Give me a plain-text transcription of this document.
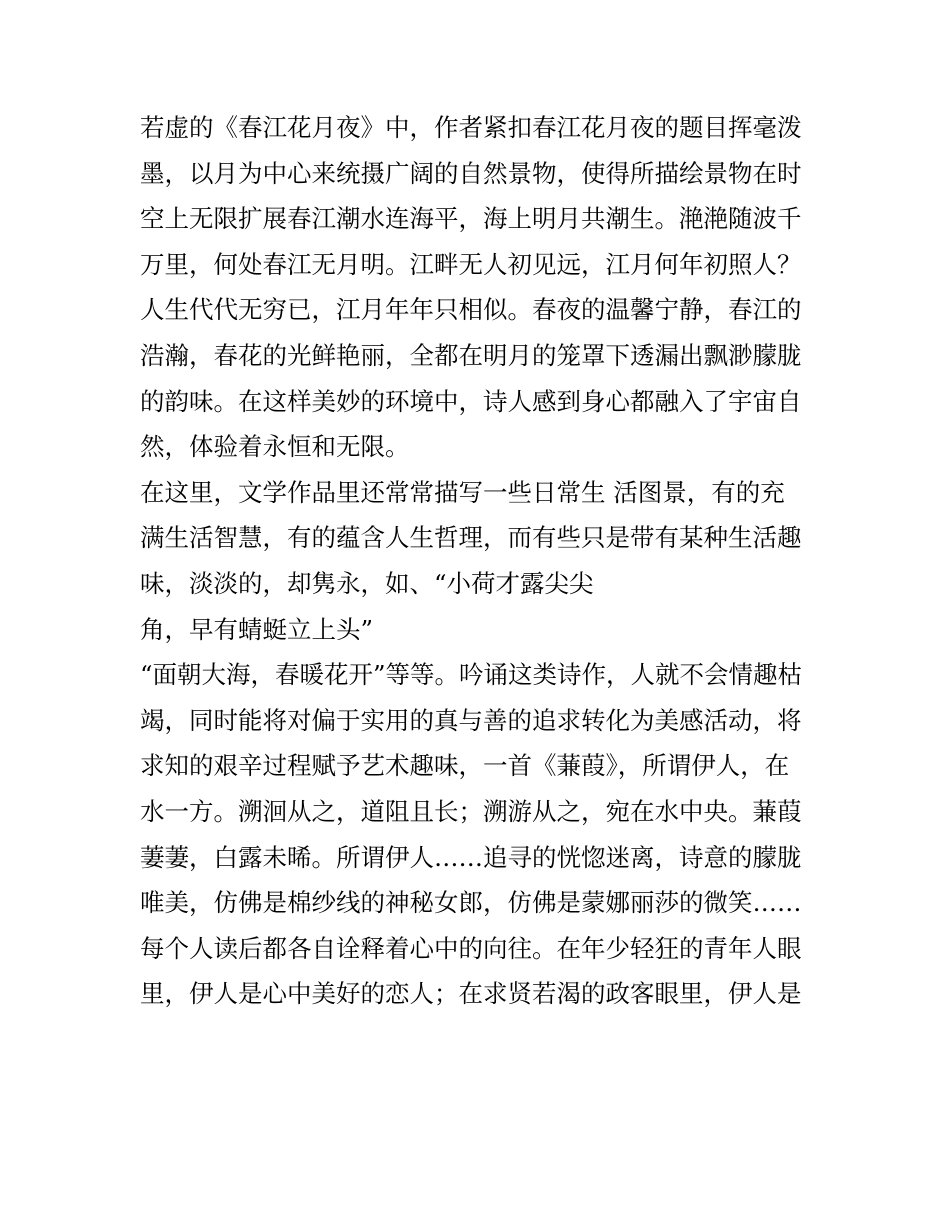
若虚的《春江花月夜》中，作者紧扣春江花月夜的题目挥毫泼
墨，以月为中心来统摄广阔的自然景物，使得所描绘景物在时
空上无限扩展春江潮水连海平，海上明月共潮生。滟滟随波千
万里，何处春江无月明。江畔无人初见远，江月何年初照人？
人生代代无穷已，江月年年只相似。春夜的温馨宁静，春江的
浩瀚，春花的光鲜艳丽，全都在明月的笼罩下透漏出飘渺朦胧
的韵味。在这样美妙的环境中，诗人感到身心都融入了宇宙自
然，体验着永恒和无限。
在这里，文学作品里还常常描写一些日常生 活图景，有的充
满生活智慧，有的蕴含人生哲理，而有些只是带有某种生活趣
味，淡淡的，却隽永，如、“小荷才露尖尖
角，早有蜻蜓立上头”
“面朝大海，春暖花开”等等。吟诵这类诗作，人就不会情趣枯
竭，同时能将对偏于实用的真与善的追求转化为美感活动，将
求知的艰辛过程赋予艺术趣味，一首《蒹葭》，所谓伊人，在
水一方。溯洄从之，道阻且长；溯游从之，宛在水中央。蒹葭
萋萋，白露未晞。所谓伊人……追寻的恍惚迷离，诗意的朦胧
唯美，仿佛是棉纱线的神秘女郎，仿佛是蒙娜丽莎的微笑……
每个人读后都各自诠释着心中的向往。在年少轻狂的青年人眼
里，伊人是心中美好的恋人；在求贤若渴的政客眼里，伊人是
